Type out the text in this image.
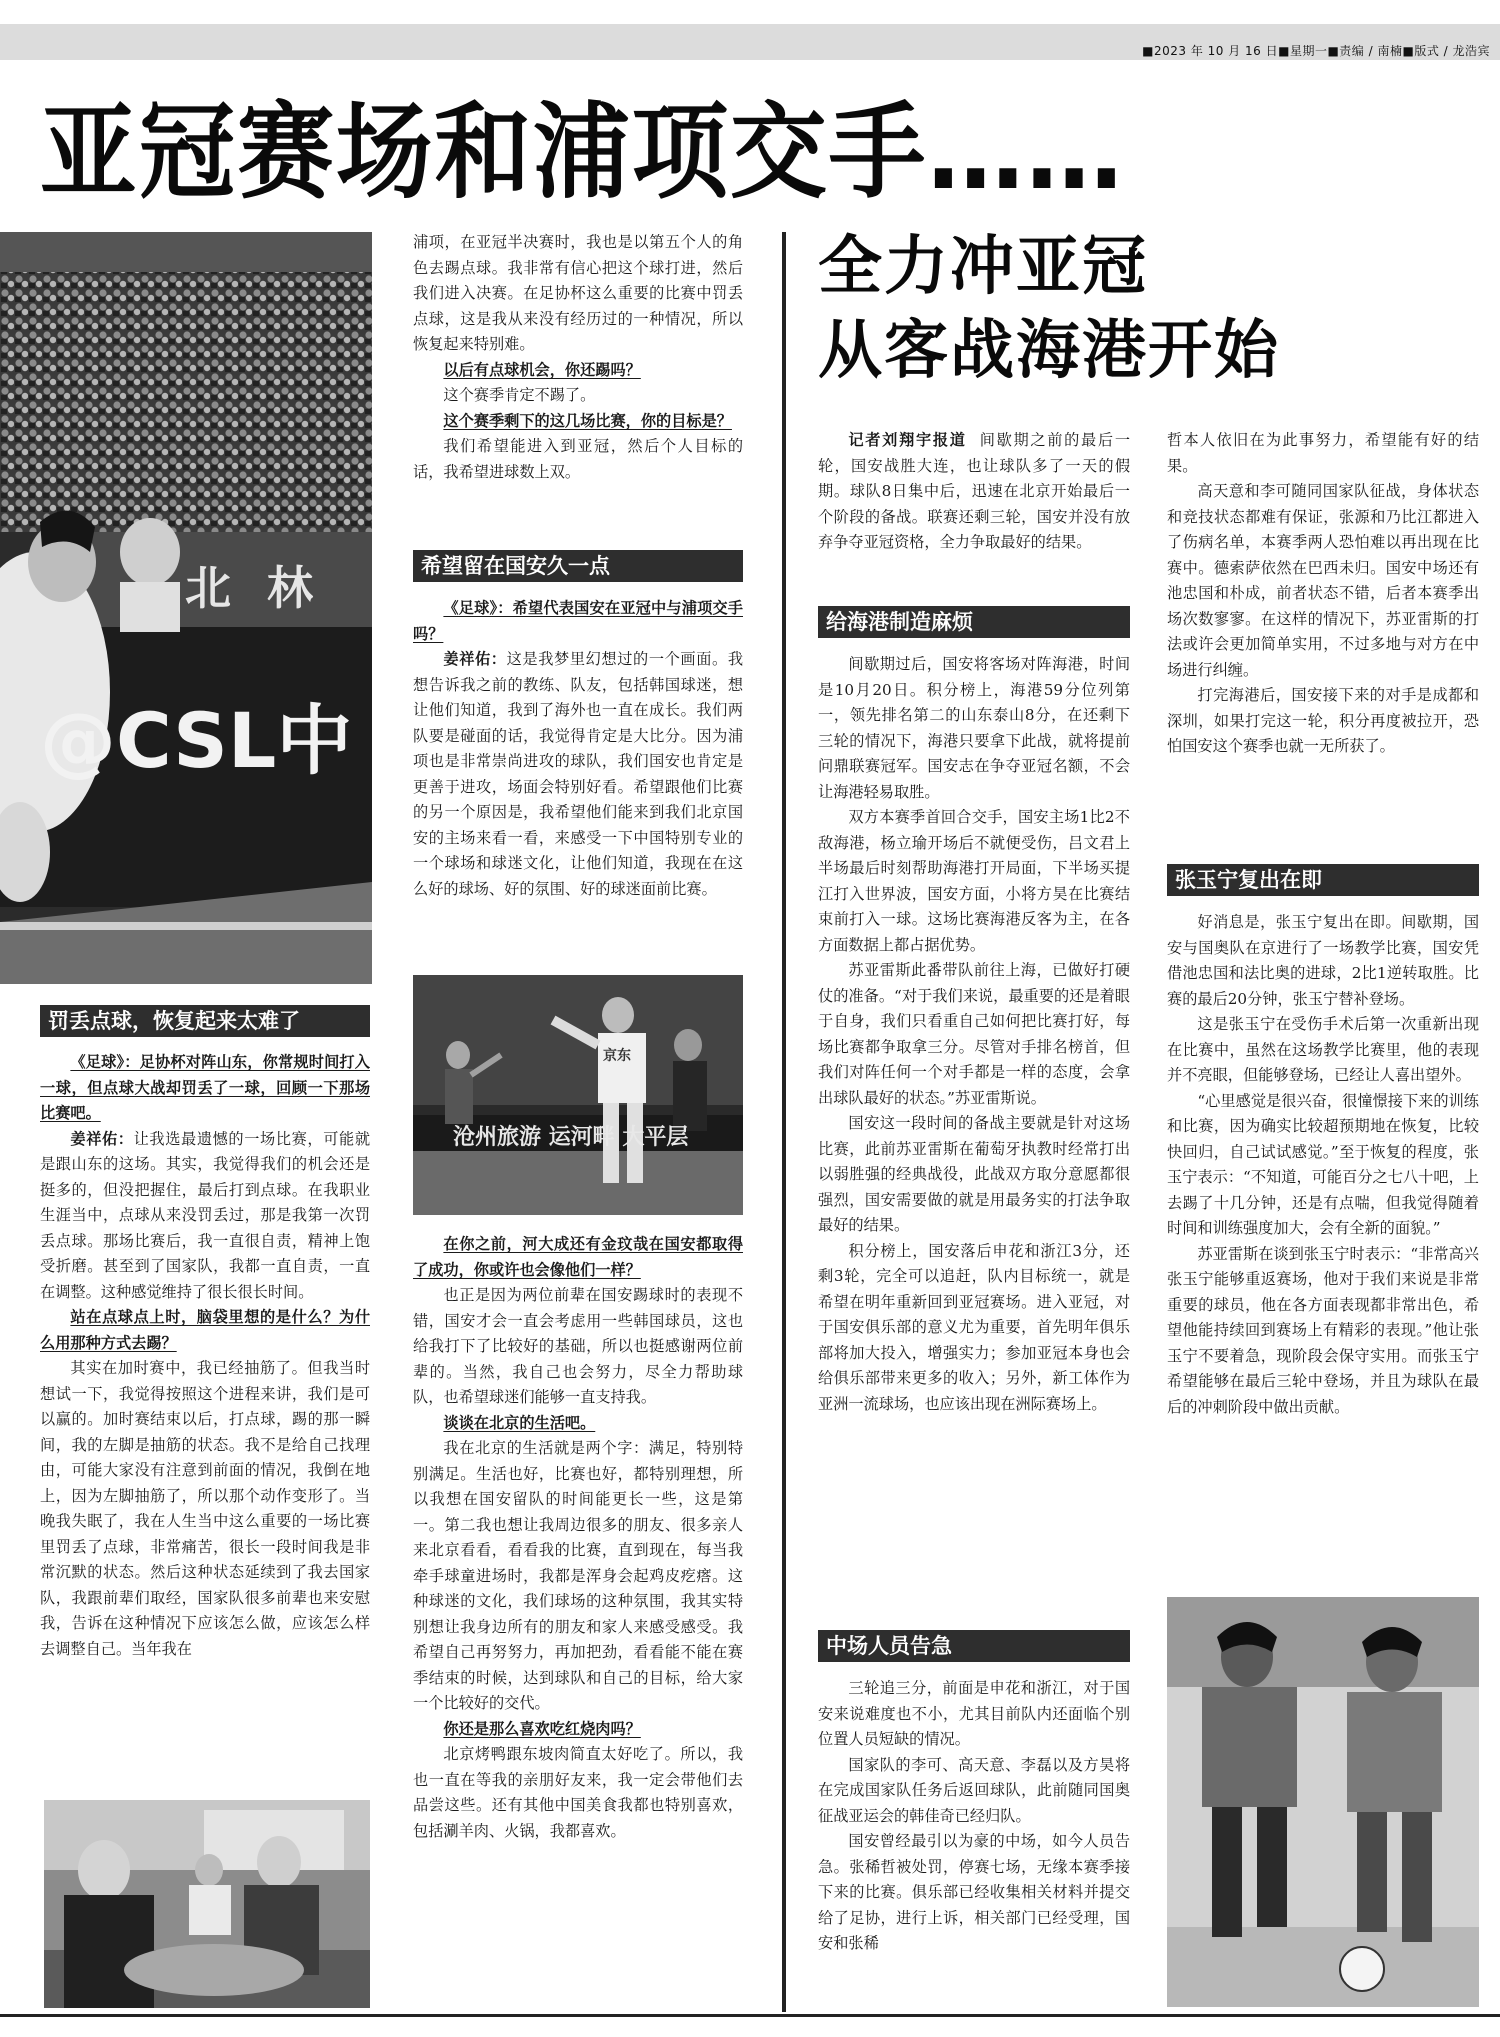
■2023 年 10 月 16 日■星期一■责编 / 南楠■版式 / 龙浩宾
亚冠赛场和浦项交手……
北 林
@CSL中
罚丢点球，恢复起来太难了

《足球》：足协杯对阵山东，你常规时间打入一球，但点球大战却罚丢了一球，回顾一下那场比赛吧。

姜祥佑：让我选最遗憾的一场比赛，可能就是跟山东的这场。其实，我觉得我们的机会还是挺多的，但没把握住，最后打到点球。在我职业生涯当中，点球从来没罚丢过，那是我第一次罚丢点球。那场比赛后，我一直很自责，精神上饱受折磨。甚至到了国家队，我都一直自责，一直在调整。这种感觉维持了很长很长时间。

站在点球点上时，脑袋里想的是什么？为什么用那种方式去踢？

其实在加时赛中，我已经抽筋了。但我当时想试一下，我觉得按照这个进程来讲，我们是可以赢的。加时赛结束以后，打点球，踢的那一瞬间，我的左脚是抽筋的状态。我不是给自己找理由，可能大家没有注意到前面的情况，我倒在地上，因为左脚抽筋了，所以那个动作变形了。当晚我失眠了，我在人生当中这么重要的一场比赛里罚丢了点球，非常痛苦，很长一段时间我是非常沉默的状态。然后这种状态延续到了我去国家队，我跟前辈们取经，国家队很多前辈也来安慰我，告诉在这种情况下应该怎么做，应该怎么样去调整自己。当年我在

浦项，在亚冠半决赛时，我也是以第五个人的角色去踢点球。我非常有信心把这个球打进，然后我们进入决赛。在足协杯这么重要的比赛中罚丢点球，这是我从来没有经历过的一种情况，所以恢复起来特别难。

以后有点球机会，你还踢吗？

这个赛季肯定不踢了。

这个赛季剩下的这几场比赛，你的目标是？

我们希望能进入到亚冠，然后个人目标的话，我希望进球数上双。

希望留在国安久一点

《足球》：希望代表国安在亚冠中与浦项交手吗？

姜祥佑：这是我梦里幻想过的一个画面。我想告诉我之前的教练、队友，包括韩国球迷，想让他们知道，我到了海外也一直在成长。我们两队要是碰面的话，我觉得肯定是大比分。因为浦项也是非常崇尚进攻的球队，我们国安也肯定是更善于进攻，场面会特别好看。希望跟他们比赛的另一个原因是，我希望他们能来到我们北京国安的主场来看一看，来感受一下中国特别专业的一个球场和球迷文化，让他们知道，我现在在这么好的球场、好的氛围、好的球迷面前比赛。

京东
沧州旅游 运河畔 大平层

在你之前，河大成还有金玟哉在国安都取得了成功，你或许也会像他们一样？

也正是因为两位前辈在国安踢球时的表现不错，国安才会一直会考虑用一些韩国球员，这也给我打下了比较好的基础，所以也挺感谢两位前辈的。当然，我自己也会努力，尽全力帮助球队，也希望球迷们能够一直支持我。

谈谈在北京的生活吧。

我在北京的生活就是两个字：满足，特别特别满足。生活也好，比赛也好，都特别理想，所以我想在国安留队的时间能更长一些，这是第一。第二我也想让我周边很多的朋友、很多亲人来北京看看，看看我的比赛，直到现在，每当我牵手球童进场时，我都是浑身会起鸡皮疙瘩。这种球迷的文化，我们球场的这种氛围，我其实特别想让我身边所有的朋友和家人来感受感受。我希望自己再努努力，再加把劲，看看能不能在赛季结束的时候，达到球队和自己的目标，给大家一个比较好的交代。

你还是那么喜欢吃红烧肉吗？

北京烤鸭跟东坡肉简直太好吃了。所以，我也一直在等我的亲朋好友来，我一定会带他们去品尝这些。还有其他中国美食我都也特别喜欢，包括涮羊肉、火锅，我都喜欢。

全力冲亚冠
从客战海港开始

记者刘翔宇报道 间歇期之前的最后一轮，国安战胜大连，也让球队多了一天的假期。球队8日集中后，迅速在北京开始最后一个阶段的备战。联赛还剩三轮，国安并没有放弃争夺亚冠资格，全力争取最好的结果。

给海港制造麻烦

间歇期过后，国安将客场对阵海港，时间是10月20日。积分榜上，海港59分位列第一，领先排名第二的山东泰山8分，在还剩下三轮的情况下，海港只要拿下此战，就将提前问鼎联赛冠军。国安志在争夺亚冠名额，不会让海港轻易取胜。

双方本赛季首回合交手，国安主场1比2不敌海港，杨立瑜开场后不就便受伤，吕文君上半场最后时刻帮助海港打开局面，下半场买提江打入世界波，国安方面，小将方昊在比赛结束前打入一球。这场比赛海港反客为主，在各方面数据上都占据优势。

苏亚雷斯此番带队前往上海，已做好打硬仗的准备。“对于我们来说，最重要的还是着眼于自身，我们只看重自己如何把比赛打好，每场比赛都争取拿三分。尽管对手排名榜首，但我们对阵任何一个对手都是一样的态度，会拿出球队最好的状态。”苏亚雷斯说。

国安这一段时间的备战主要就是针对这场比赛，此前苏亚雷斯在葡萄牙执教时经常打出以弱胜强的经典战役，此战双方取分意愿都很强烈，国安需要做的就是用最务实的打法争取最好的结果。

积分榜上，国安落后申花和浙江3分，还剩3轮，完全可以追赶，队内目标统一，就是希望在明年重新回到亚冠赛场。进入亚冠，对于国安俱乐部的意义尤为重要，首先明年俱乐部将加大投入，增强实力；参加亚冠本身也会给俱乐部带来更多的收入；另外，新工体作为亚洲一流球场，也应该出现在洲际赛场上。

中场人员告急

三轮追三分，前面是申花和浙江，对于国安来说难度也不小，尤其目前队内还面临个别位置人员短缺的情况。

国家队的李可、高天意、李磊以及方昊将在完成国家队任务后返回球队，此前随同国奥征战亚运会的韩佳奇已经归队。

国安曾经最引以为豪的中场，如今人员告急。张稀哲被处罚，停赛七场，无缘本赛季接下来的比赛。俱乐部已经收集相关材料并提交给了足协，进行上诉，相关部门已经受理，国安和张稀

哲本人依旧在为此事努力，希望能有好的结果。

高天意和李可随同国家队征战，身体状态和竞技状态都难有保证，张源和乃比江都进入了伤病名单，本赛季两人恐怕难以再出现在比赛中。德索萨依然在巴西未归。国安中场还有池忠国和朴成，前者状态不错，后者本赛季出场次数寥寥。在这样的情况下，苏亚雷斯的打法或许会更加简单实用，不过多地与对方在中场进行纠缠。

打完海港后，国安接下来的对手是成都和深圳，如果打完这一轮，积分再度被拉开，恐怕国安这个赛季也就一无所获了。

张玉宁复出在即

好消息是，张玉宁复出在即。间歇期，国安与国奥队在京进行了一场教学比赛，国安凭借池忠国和法比奥的进球，2比1逆转取胜。比赛的最后20分钟，张玉宁替补登场。

这是张玉宁在受伤手术后第一次重新出现在比赛中，虽然在这场教学比赛里，他的表现并不亮眼，但能够登场，已经让人喜出望外。

“心里感觉是很兴奋，很憧憬接下来的训练和比赛，因为确实比较超预期地在恢复，比较快回归，自己试试感觉。”至于恢复的程度，张玉宁表示：“不知道，可能百分之七八十吧，上去踢了十几分钟，还是有点喘，但我觉得随着时间和训练强度加大，会有全新的面貌。”

苏亚雷斯在谈到张玉宁时表示：“非常高兴张玉宁能够重返赛场，他对于我们来说是非常重要的球员，他在各方面表现都非常出色，希望他能持续回到赛场上有精彩的表现。”他让张玉宁不要着急，现阶段会保守实用。而张玉宁希望能够在最后三轮中登场，并且为球队在最后的冲刺阶段中做出贡献。
